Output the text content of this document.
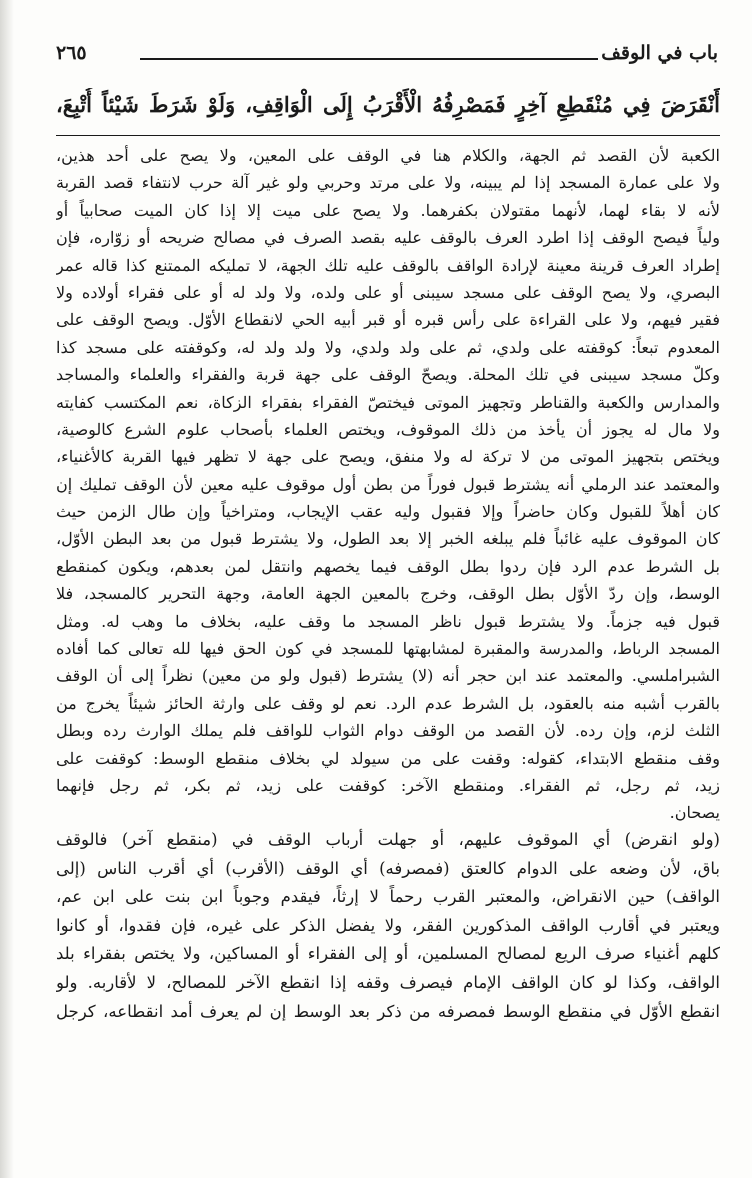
باب في الوقف
٢٦٥
أَنْقَرَضَ فِي مُنْقَطِعِ آخِرٍ فَمَصْرِفُهُ الْأَقْرَبُ إِلَى الْوَاقِفِ، وَلَوْ شَرَطَ شَيْئاً أُتْبِعَ،
الكعبة لأن القصد ثم الجهة، والكلام هنا في الوقف على المعين، ولا يصح على أحد هذين،
ولا على عمارة المسجد إذا لم يبينه، ولا على مرتد وحربي ولو غير آلة حرب لانتفاء قصد القربة
لأنه لا بقاء لهما، لأنهما مقتولان بكفرهما. ولا يصح على ميت إلا إذا كان الميت صحابياً أو
ولياً فيصح الوقف إذا اطرد العرف بالوقف عليه بقصد الصرف في مصالح ضريحه أو زوّاره، فإن
إطراد العرف قرينة معينة لإرادة الواقف بالوقف عليه تلك الجهة، لا تمليكه الممتنع كذا قاله عمر
البصري، ولا يصح الوقف على مسجد سيبنى أو على ولده، ولا ولد له أو على فقراء أولاده ولا
فقير فيهم، ولا على القراءة على رأس قبره أو قبر أبيه الحي لانقطاع الأوّل. ويصح الوقف على
المعدوم تبعاً: كوقفته على ولدي، ثم على ولد ولدي، ولا ولد ولد له، وكوقفته على مسجد كذا
وكلّ مسجد سيبنى في تلك المحلة. ويصحّ الوقف على جهة قربة والفقراء والعلماء والمساجد
والمدارس والكعبة والقناطر وتجهيز الموتى فيختصّ الفقراء بفقراء الزكاة، نعم المكتسب كفايته
ولا مال له يجوز أن يأخذ من ذلك الموقوف، ويختص العلماء بأصحاب علوم الشرع كالوصية،
ويختص بتجهيز الموتى من لا تركة له ولا منفق، ويصح على جهة لا تظهر فيها القربة كالأغنياء،
والمعتمد عند الرملي أنه يشترط قبول فوراً من بطن أول موقوف عليه معين لأن الوقف تمليك إن
كان أهلاً للقبول وكان حاضراً وإلا فقبول وليه عقب الإيجاب، ومتراخياً وإن طال الزمن حيث
كان الموقوف عليه غائباً فلم يبلغه الخبر إلا بعد الطول، ولا يشترط قبول من بعد البطن الأوّل،
بل الشرط عدم الرد فإن ردوا بطل الوقف فيما يخصهم وانتقل لمن بعدهم، ويكون كمنقطع
الوسط، وإن ردّ الأوّل بطل الوقف، وخرج بالمعين الجهة العامة، وجهة التحرير كالمسجد، فلا
قبول فيه جزماً. ولا يشترط قبول ناظر المسجد ما وقف عليه، بخلاف ما وهب له. ومثل
المسجد الرباط، والمدرسة والمقبرة لمشابهتها للمسجد في كون الحق فيها لله تعالى كما أفاده
الشبراملسي. والمعتمد عند ابن حجر أنه (لا) يشترط (قبول ولو من معين) نظراً إلى أن الوقف
بالقرب أشبه منه بالعقود، بل الشرط عدم الرد. نعم لو وقف على وارثة الحائز شيئاً يخرج من
الثلث لزم، وإن رده. لأن القصد من الوقف دوام الثواب للواقف فلم يملك الوارث رده وبطل
وقف منقطع الابتداء، كقوله: وقفت على من سيولد لي بخلاف منقطع الوسط: كوقفت على
زيد، ثم رجل، ثم الفقراء. ومنقطع الآخر: كوقفت على زيد، ثم بكر، ثم رجل فإنهما
يصحان.
(ولو انقرض) أي الموقوف عليهم، أو جهلت أرباب الوقف في (منقطع آخر) فالوقف
باق، لأن وضعه على الدوام كالعتق (فمصرفه) أي الوقف (الأقرب) أي أقرب الناس (إلى
الواقف) حين الانقراض، والمعتبر القرب رحماً لا إرثاً، فيقدم وجوباً ابن بنت على ابن عم،
ويعتبر في أقارب الواقف المذكورين الفقر، ولا يفضل الذكر على غيره، فإن فقدوا، أو كانوا
كلهم أغنياء صرف الريع لمصالح المسلمين، أو إلى الفقراء أو المساكين، ولا يختص بفقراء بلد
الواقف، وكذا لو كان الواقف الإمام فيصرف وقفه إذا انقطع الآخر للمصالح، لا لأقاربه. ولو
انقطع الأوّل في منقطع الوسط فمصرفه من ذكر بعد الوسط إن لم يعرف أمد انقطاعه، كرجل
